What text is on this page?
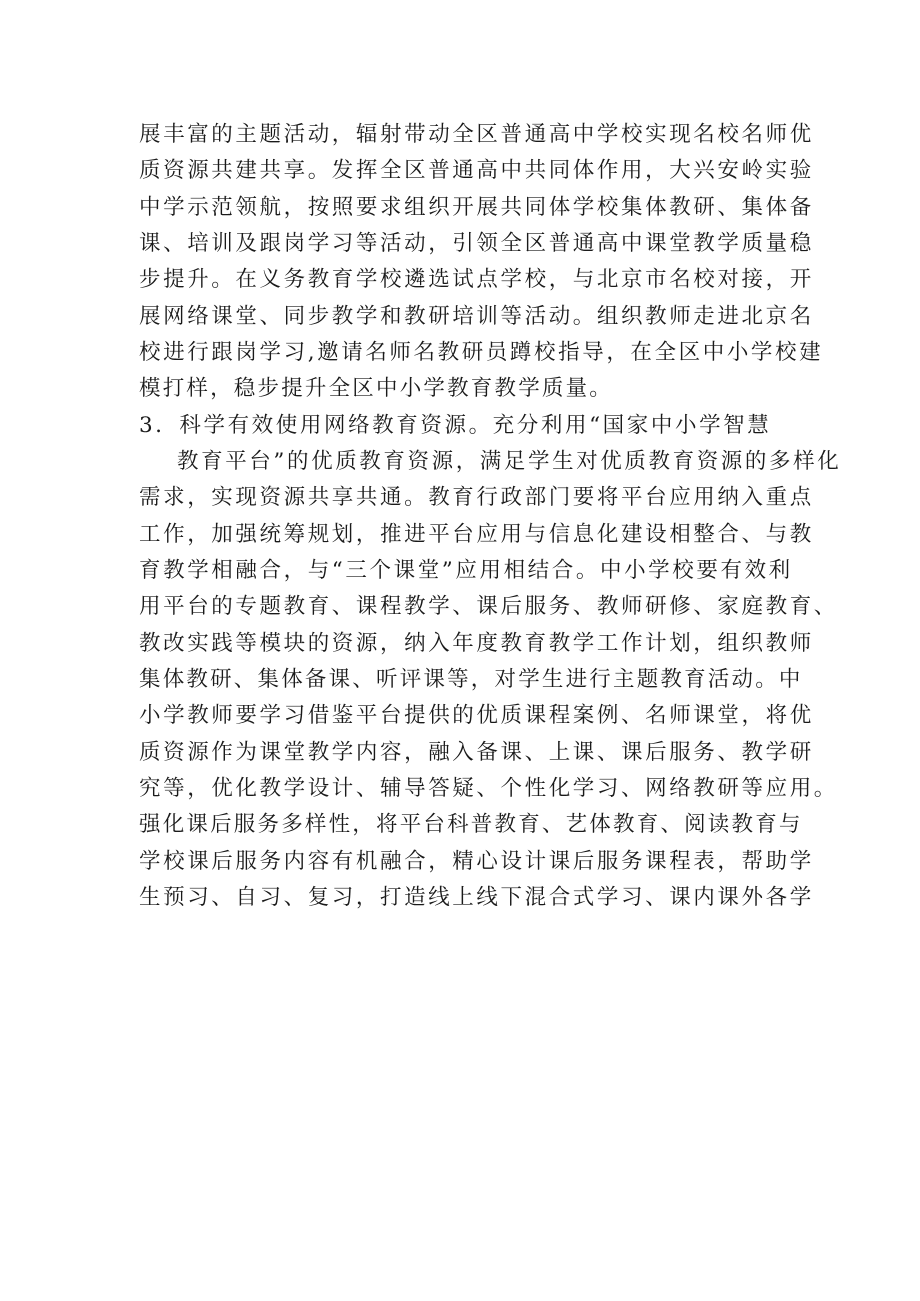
展丰富的主题活动，辐射带动全区普通高中学校实现名校名师优
质资源共建共享。发挥全区普通高中共同体作用，大兴安岭实验
中学示范领航，按照要求组织开展共同体学校集体教研、集体备
课、培训及跟岗学习等活动，引领全区普通高中课堂教学质量稳
步提升。在义务教育学校遴选试点学校，与北京市名校对接，开
展网络课堂、同步教学和教研培训等活动。组织教师走进北京名
校进行跟岗学习,邀请名师名教研员蹲校指导，在全区中小学校建
模打样，稳步提升全区中小学教育教学质量。
3．科学有效使用网络教育资源。充分利用“国家中小学智慧
教育平台”的优质教育资源，满足学生对优质教育资源的多样化
需求，实现资源共享共通。教育行政部门要将平台应用纳入重点
工作，加强统筹规划，推进平台应用与信息化建设相整合、与教
育教学相融合，与“三个课堂”应用相结合。中小学校要有效利
用平台的专题教育、课程教学、课后服务、教师研修、家庭教育、
教改实践等模块的资源，纳入年度教育教学工作计划，组织教师
集体教研、集体备课、听评课等，对学生进行主题教育活动。中
小学教师要学习借鉴平台提供的优质课程案例、名师课堂，将优
质资源作为课堂教学内容，融入备课、上课、课后服务、教学研
究等，优化教学设计、辅导答疑、个性化学习、网络教研等应用。
强化课后服务多样性，将平台科普教育、艺体教育、阅读教育与
学校课后服务内容有机融合，精心设计课后服务课程表，帮助学
生预习、自习、复习，打造线上线下混合式学习、课内课外各学
